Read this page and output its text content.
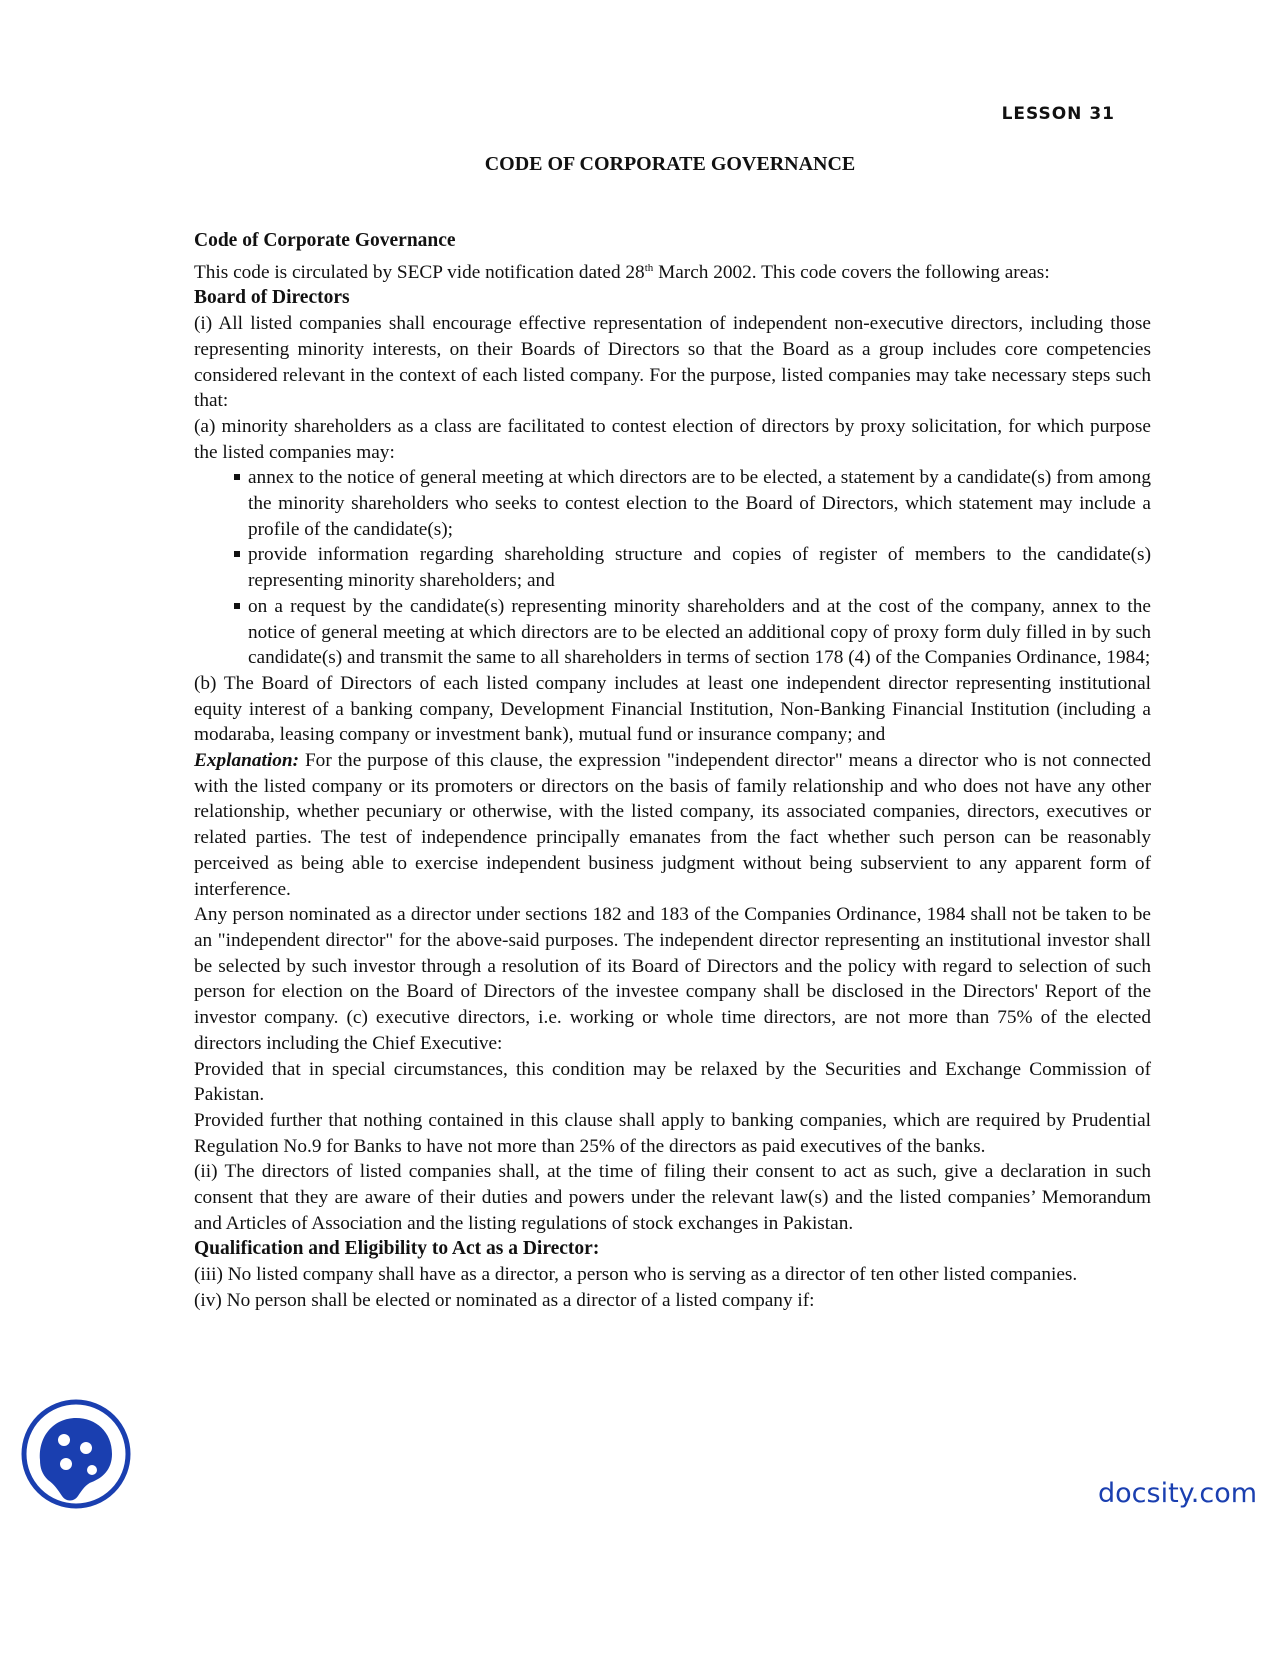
LESSON 31
CODE OF CORPORATE GOVERNANCE

Code of Corporate Governance

This code is circulated by SECP vide notification dated 28th March 2002. This code covers the following areas:

Board of Directors

(i) All listed companies shall encourage effective representation of independent non-executive directors, including those representing minority interests, on their Boards of Directors so that the Board as a group includes core competencies considered relevant in the context of each listed company. For the purpose, listed companies may take necessary steps such that:

(a) minority shareholders as a class are facilitated to contest election of directors by proxy solicitation, for which purpose the listed companies may:

annex to the notice of general meeting at which directors are to be elected, a statement by a candidate(s) from among the minority shareholders who seeks to contest election to the Board of Directors, which statement may include a profile of the candidate(s);
provide information regarding shareholding structure and copies of register of members to the candidate(s) representing minority shareholders; and
on a request by the candidate(s) representing minority shareholders and at the cost of the company, annex to the notice of general meeting at which directors are to be elected an additional copy of proxy form duly filled in by such candidate(s) and transmit the same to all shareholders in terms of section 178 (4) of the Companies Ordinance, 1984;

(b) The Board of Directors of each listed company includes at least one independent director representing institutional equity interest of a banking company, Development Financial Institution, Non-Banking Financial Institution (including a modaraba, leasing company or investment bank), mutual fund or insurance company; and

Explanation: For the purpose of this clause, the expression "independent director" means a director who is not connected with the listed company or its promoters or directors on the basis of family relationship and who does not have any other relationship, whether pecuniary or otherwise, with the listed company, its associated companies, directors, executives or related parties. The test of independence principally emanates from the fact whether such person can be reasonably perceived as being able to exercise independent business judgment without being subservient to any apparent form of interference.

Any person nominated as a director under sections 182 and 183 of the Companies Ordinance, 1984 shall not be taken to be an "independent director" for the above-said purposes. The independent director representing an institutional investor shall be selected by such investor through a resolution of its Board of Directors and the policy with regard to selection of such person for election on the Board of Directors of the investee company shall be disclosed in the Directors' Report of the investor company. (c) executive directors, i.e. working or whole time directors, are not more than 75% of the elected directors including the Chief Executive:

Provided that in special circumstances, this condition may be relaxed by the Securities and Exchange Commission of Pakistan.

Provided further that nothing contained in this clause shall apply to banking companies, which are required by Prudential Regulation No.9 for Banks to have not more than 25% of the directors as paid executives of the banks.

(ii) The directors of listed companies shall, at the time of filing their consent to act as such, give a declaration in such consent that they are aware of their duties and powers under the relevant law(s) and the listed companies’ Memorandum and Articles of Association and the listing regulations of stock exchanges in Pakistan.

Qualification and Eligibility to Act as a Director:

(iii) No listed company shall have as a director, a person who is serving as a director of ten other listed companies.

(iv) No person shall be elected or nominated as a director of a listed company if:

docsity.com
